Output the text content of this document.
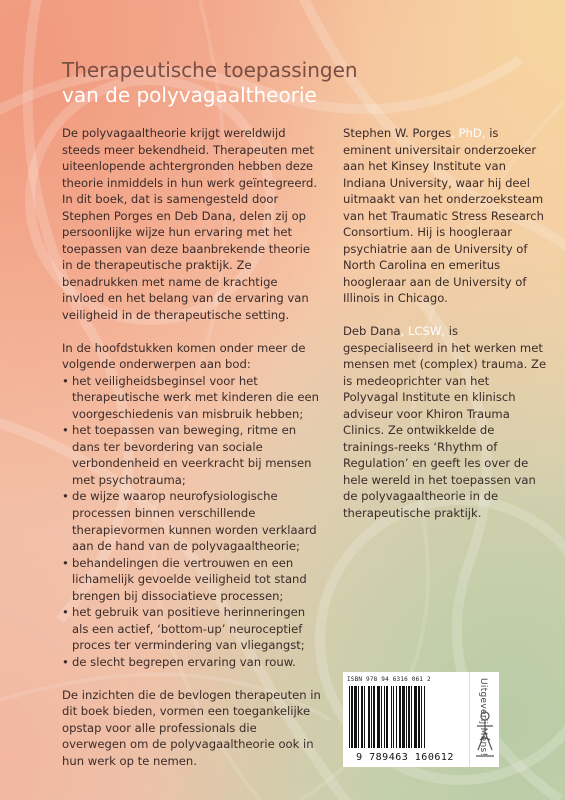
Therapeutische toepassingen
van de polyvagaaltheorie

De polyvagaaltheorie krijgt wereldwijd steeds meer bekendheid. Therapeuten met uiteenlopende achtergronden hebben deze theorie inmiddels in hun werk geïntegreerd. In dit boek, dat is samengesteld door Stephen Porges en Deb Dana, delen zij op persoonlijke wijze hun ervaring met het toepassen van deze baanbrekende theorie in de therapeutische praktijk. Ze benadrukken met name de krachtige invloed en het belang van de ervaring van veiligheid in de therapeutische setting.

In de hoofdstukken komen onder meer de volgende onderwerpen aan bod:

• het veiligheidsbeginsel voor het therapeutische werk met kinderen die een voorgeschiedenis van misbruik hebben;
• het toepassen van beweging, ritme en dans ter bevordering van sociale verbondenheid en veerkracht bij mensen met psychotrauma;
• de wijze waarop neurofysiologische processen binnen verschillende therapievormen kunnen worden verklaard aan de hand van de polyvagaaltheorie;
• behandelingen die vertrouwen en een lichamelijk gevoelde veiligheid tot stand brengen bij dissociatieve processen;
• het gebruik van positieve herinneringen als een actief, ‘bottom-up’ neuroceptief proces ter vermindering van vliegangst;
• de slecht begrepen ervaring van rouw.

De inzichten die de bevlogen therapeuten in dit boek bieden, vormen een toegankelijke opstap voor alle professionals die overwegen om de polyvagaaltheorie ook in hun werk op te nemen.

Stephen W. Porges, PhD, is eminent universitair onderzoeker aan het Kinsey Institute van Indiana University, waar hij deel uitmaakt van het onderzoeksteam van het Traumatic Stress Research Consortium. Hij is hoogleraar psychiatrie aan de University of North Carolina en emeritus hoogleraar aan de University of Illinois in Chicago.

Deb Dana, LCSW, is gespecialiseerd in het werken met mensen met (complex) trauma. Ze is medeoprichter van het Polyvagal Institute en klinisch adviseur voor Khiron Trauma Clinics. Ze ontwikkelde de trainings-reeks ‘Rhythm of Regulation’ en geeft les over de hele wereld in het toepassen van de polyvagaaltheorie in de therapeutische praktijk.

ISBN 978 94 6316 061 2
9 789463 160612
Uitgeverij Mens!
